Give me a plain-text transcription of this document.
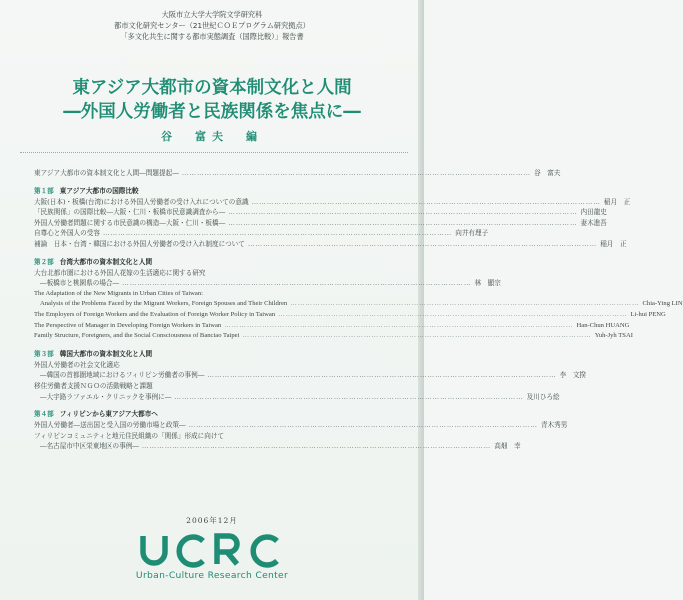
大阪市立大学大学院文学研究科
都市文化研究センター（21世紀ＣＯＥプログラム研究拠点）
「多文化共生に関する都市実態調査（国際比較）」報告書
東アジア大都市の資本制文化と人間
―外国人労働者と民族関係を焦点に―
谷　富夫　編
東アジア大都市の資本制文化と人間―問題提起― …………………………………………………………………………………………………………………………	谷　富夫
第１部 東アジア大都市の国際比較
大阪(日本)・板橋(台湾)における外国人労働者の受け入れについての意識 …………………………………………………………………………………………………………………………	稲月　正
「民族関係」の国際比較―大阪・仁川・板橋市民意識調査から― …………………………………………………………………………………………………………………………	内田龍史
外国人労働者問題に関する市民意識の構造―大阪・仁川・板橋― …………………………………………………………………………………………………………………………	妻木進吾
自尊心と外国人の受容 …………………………………………………………………………………………………………………………	向井有理子
補論　日本・台湾・韓国における外国人労働者の受け入れ制度について …………………………………………………………………………………………………………………………	稲月　正
第２部 台湾大都市の資本制文化と人間
大台北都市圏における外国人花嫁の生活適応に関する研究
―板橋市と桃園県の場合― …………………………………………………………………………………………………………………………	林　顯宗
The Adaptation of the New Migrants in Urban Cities of Taiwan:
Analysis of the Problems Faced by the Migrant Workers, Foreign Spouses and Their Children …………………………………………………………………………………………………………………………	Chia-Ying LIN
The Employers of Foreign Workers and the Evaluation of Foreign Worker Policy in Taiwan …………………………………………………………………………………………………………………………	Li-hui PENG
The Perspective of Manager in Developing Foreign Workers in Taiwan …………………………………………………………………………………………………………………………	Han-Chun HUANG
Family Structure, Foreigners, and the Social Consciousness of Banciao Taipei …………………………………………………………………………………………………………………………	Yuh-Jyh TSAI
第３部 韓国大都市の資本制文化と人間
外国人労働者の社会文化適応
―韓国の首都圏地域におけるフィリピン労働者の事例― …………………………………………………………………………………………………………………………	李　文揆
移住労働者支援ＮＧＯの活動戦略と課題
―大宇路ラファエル・クリニックを事例に― …………………………………………………………………………………………………………………………	及川ひろ絵
第４部 フィリピンから東アジア大都市へ
外国人労働者―送出国と受入国の労働市場と政策― …………………………………………………………………………………………………………………………	青木秀男
フィリピンコミュニティと地元住民組織の「関係」形成に向けて
―名古屋市中区栄東地区の事例― …………………………………………………………………………………………………………………………	高畑　幸
2006年12月
Urban-Culture Research Center
